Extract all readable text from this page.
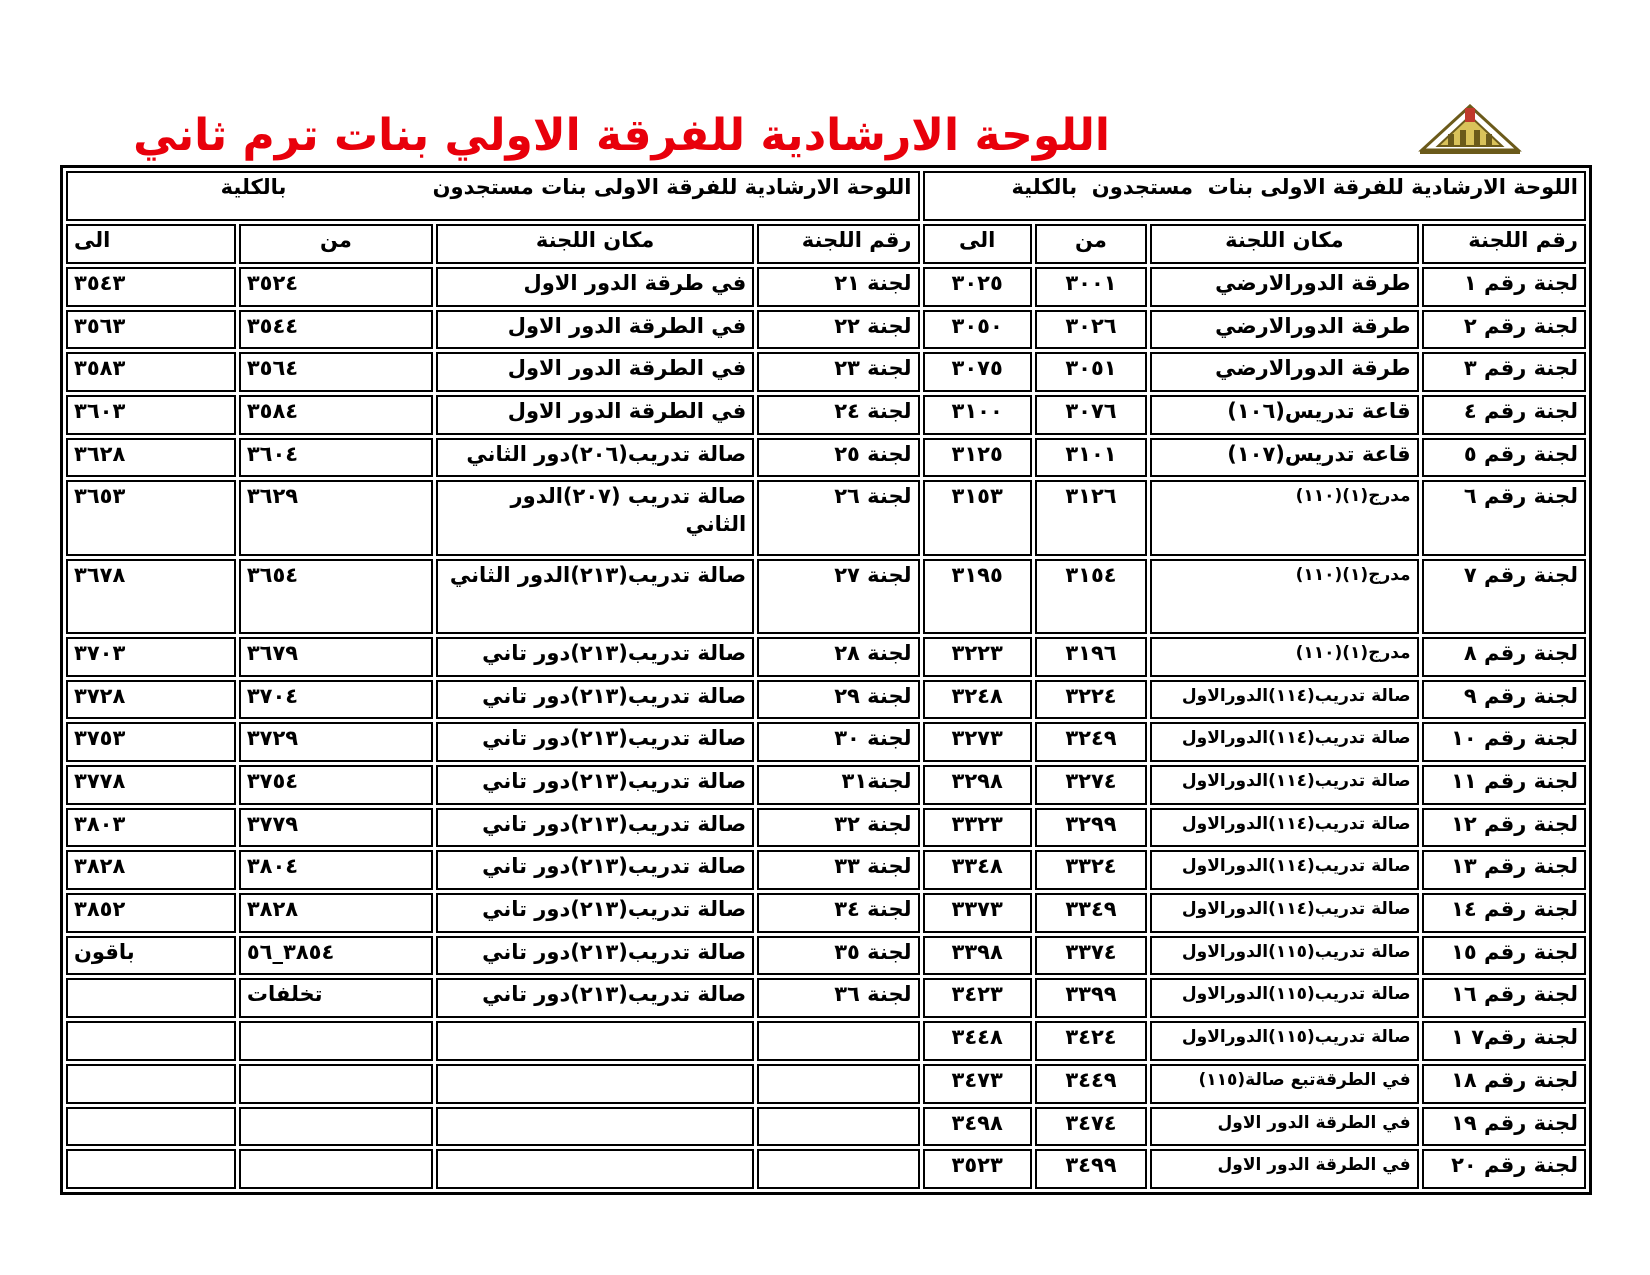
اللوحة الارشادية للفرقة الاولي بنات ترم ثاني
اللوحة الارشادية للفرقة الاولى بنات  مستجدون  بالكلية				اللوحة الارشادية للفرقة الاولى بنات مستجدون                    بالكلية			
رقم اللجنة	مكان اللجنة	من	الى	رقم اللجنة	مكان اللجنة	من	الى
لجنة رقم ١	طرقة الدورالارضي	٣٠٠١	٣٠٢٥	لجنة ٢١	في طرقة الدور الاول	٣٥٢٤	٣٥٤٣
لجنة رقم ٢	طرقة الدورالارضي	٣٠٢٦	٣٠٥٠	لجنة ٢٢	في الطرقة الدور الاول	٣٥٤٤	٣٥٦٣
لجنة رقم ٣	طرقة الدورالارضي	٣٠٥١	٣٠٧٥	لجنة ٢٣	في الطرقة الدور الاول	٣٥٦٤	٣٥٨٣
لجنة رقم ٤	قاعة تدريس(١٠٦)	٣٠٧٦	٣١٠٠	لجنة ٢٤	في الطرقة الدور الاول	٣٥٨٤	٣٦٠٣
لجنة رقم ٥	قاعة تدريس(١٠٧)	٣١٠١	٣١٢٥	لجنة ٢٥	صالة تدريب(٢٠٦)دور الثاني	٣٦٠٤	٣٦٢٨
لجنة رقم ٦	مدرج(١)(١١٠)	٣١٢٦	٣١٥٣	لجنة ٢٦	صالة تدريب (٢٠٧)الدور الثاني	٣٦٢٩	٣٦٥٣
لجنة رقم ٧	مدرج(١)(١١٠)	٣١٥٤	٣١٩٥	لجنة ٢٧	صالة تدريب(٢١٣)الدور الثاني	٣٦٥٤	٣٦٧٨
لجنة رقم ٨	مدرج(١)(١١٠)	٣١٩٦	٣٢٢٣	لجنة ٢٨	صالة تدريب(٢١٣)دور تاني	٣٦٧٩	٣٧٠٣
لجنة رقم ٩	صالة تدريب(١١٤)الدورالاول	٣٢٢٤	٣٢٤٨	لجنة ٢٩	صالة تدريب(٢١٣)دور تاني	٣٧٠٤	٣٧٢٨
لجنة رقم ١٠	صالة تدريب(١١٤)الدورالاول	٣٢٤٩	٣٢٧٣	لجنة ٣٠	صالة تدريب(٢١٣)دور تاني	٣٧٢٩	٣٧٥٣
لجنة رقم ١١	صالة تدريب(١١٤)الدورالاول	٣٢٧٤	٣٢٩٨	لجنة٣١	صالة تدريب(٢١٣)دور تاني	٣٧٥٤	٣٧٧٨
لجنة رقم ١٢	صالة تدريب(١١٤)الدورالاول	٣٢٩٩	٣٣٢٣	لجنة ٣٢	صالة تدريب(٢١٣)دور تاني	٣٧٧٩	٣٨٠٣
لجنة رقم ١٣	صالة تدريب(١١٤)الدورالاول	٣٣٢٤	٣٣٤٨	لجنة ٣٣	صالة تدريب(٢١٣)دور تاني	٣٨٠٤	٣٨٢٨
لجنة رقم ١٤	صالة تدريب(١١٤)الدورالاول	٣٣٤٩	٣٣٧٣	لجنة ٣٤	صالة تدريب(٢١٣)دور تاني	٣٨٢٨	٣٨٥٢
لجنة رقم ١٥	صالة تدريب(١١٥)الدورالاول	٣٣٧٤	٣٣٩٨	لجنة ٣٥	صالة تدريب(٢١٣)دور تاني	٣٨٥٤_٥٦	باقون
لجنة رقم ١٦	صالة تدريب(١١٥)الدورالاول	٣٣٩٩	٣٤٢٣	لجنة ٣٦	صالة تدريب(٢١٣)دور تاني	تخلفات	
لجنة رقم٧ ١	صالة تدريب(١١٥)الدورالاول	٣٤٢٤	٣٤٤٨				
لجنة رقم ١٨	في الطرقةتبع صالة(١١٥)	٣٤٤٩	٣٤٧٣				
لجنة رقم ١٩	في الطرقة الدور الاول	٣٤٧٤	٣٤٩٨				
لجنة رقم ٢٠	في الطرقة الدور الاول	٣٤٩٩	٣٥٢٣				
